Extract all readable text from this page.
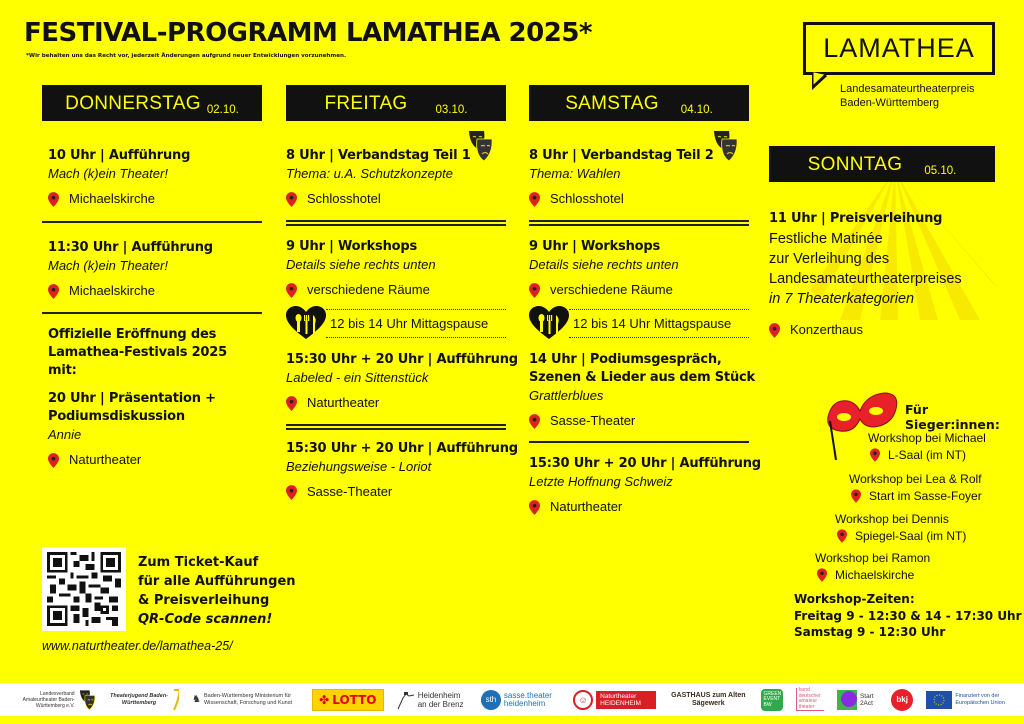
FESTIVAL-PROGRAMM LAMATHEA 2025*
*Wir behalten uns das Recht vor, jederzeit Änderungen aufgrund neuer Entwicklungen vorzunehmen.	LAMATHEA
Landesamateurtheaterpreis
Baden-Württemberg
DONNERSTAG 02.10.
10 Uhr | Aufführung
Mach (k)ein Theater!
Michaelskirche
11:30 Uhr | Aufführung
Mach (k)ein Theater!
Michaelskirche
Offizielle Eröffnung des
Lamathea-Festivals 2025
mit:
20 Uhr | Präsentation +
Podiumsdiskussion
Annie
Naturtheater
FREITAG 03.10.
8 Uhr | Verbandstag Teil 1
Thema: u.A. Schutzkonzepte
Schlosshotel
9 Uhr | Workshops
Details siehe rechts unten
verschiedene Räume
12 bis 14 Uhr Mittagspause
15:30 Uhr + 20 Uhr | Aufführung
Labeled - ein Sittenstück
Naturtheater
15:30 Uhr + 20 Uhr | Aufführung
Beziehungsweise - Loriot
Sasse-Theater
SAMSTAG 04.10.
8 Uhr | Verbandstag Teil 2
Thema: Wahlen
Schlosshotel
9 Uhr | Workshops
Details siehe rechts unten
verschiedene Räume
12 bis 14 Uhr Mittagspause
14 Uhr | Podiumsgespräch,
Szenen & Lieder aus dem Stück
Grattlerblues
Sasse-Theater
15:30 Uhr + 20 Uhr | Aufführung
Letzte Hoffnung Schweiz
Naturtheater
SONNTAG 05.10.
11 Uhr | Preisverleihung
Festliche Matinée
zur Verleihung des
Landesamateurtheaterpreises
in 7 Theaterkategorien
Konzerthaus
Für Sieger:innen:
Workshop bei Michael
L-Saal (im NT)
Workshop bei Lea & Rolf
Start im Sasse-Foyer
Workshop bei Dennis
Spiegel-Saal (im NT)
Workshop bei Ramon
Michaelskirche
Workshop-Zeiten:
Freitag 9 - 12:30 & 14 - 17:30 Uhr
Samstag 9 - 12:30 Uhr
Zum Ticket-Kauf
für alle Aufführungen
& Preisverleihung
QR-Code scannen!
www.naturtheater.de/lamathea-25/
Landesverband Amateurtheater Baden-Württemberg e.V.
Theaterjugend Baden-Württemberg	♞ Baden-Württemberg Ministerium für Wissenschaft, Forschung und Kunst	✤ LOTTO	Heidenheim an der Brenz	sth sasse.theater heidenheim	☺	Naturtheater HEIDENHEIM
GASTHAUS zum Alten Sägewerk
GREEN EVENT BW
bund deutscher amateur theater
Start 2Act	bkj	Finanziert von der Europäischen Union
